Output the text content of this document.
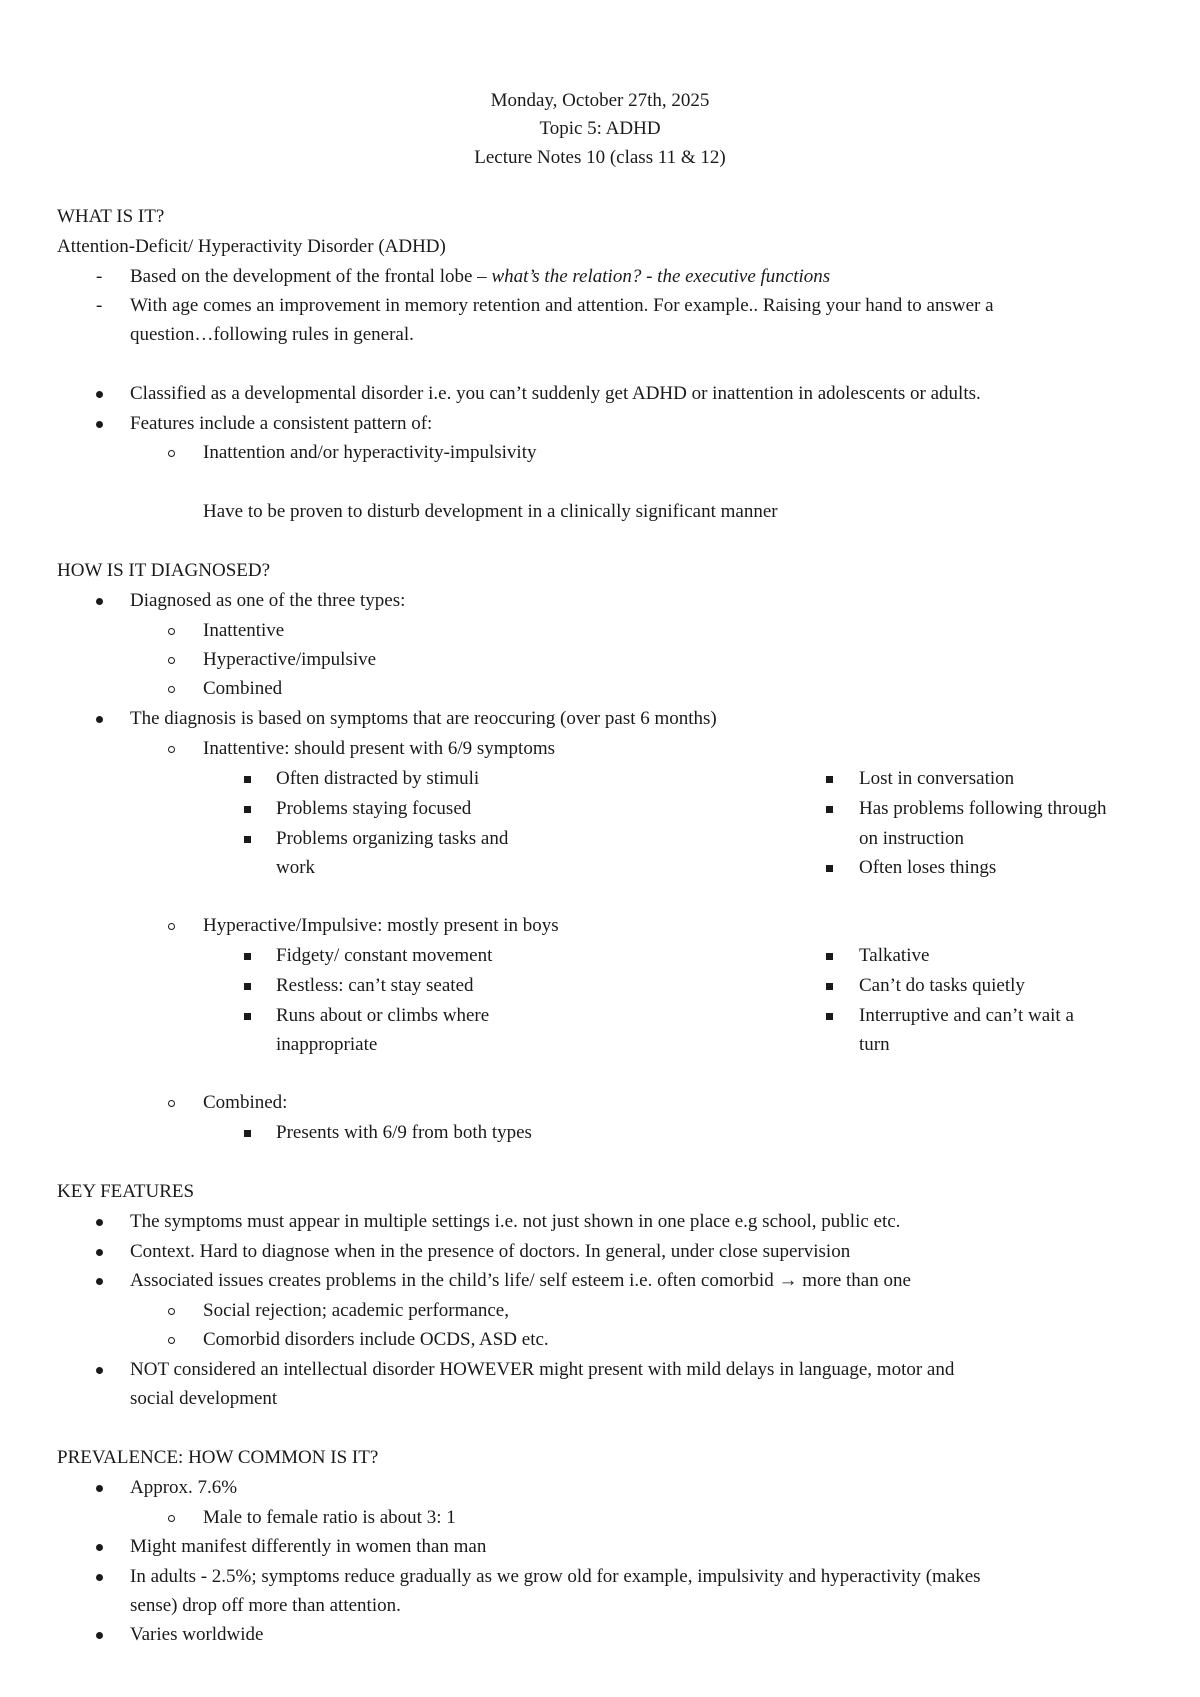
Monday, October 27th, 2025
Topic 5: ADHD
Lecture Notes 10 (class 11 & 12)
WHAT IS IT?
Attention-Deficit/ Hyperactivity Disorder (ADHD)
- Based on the development of the frontal lobe – what’s the relation? - the executive functions
- With age comes an improvement in memory retention and attention. For example.. Raising your hand to answer a
question…following rules in general.
Classified as a developmental disorder i.e. you can’t suddenly get ADHD or inattention in adolescents or adults.
Features include a consistent pattern of:
Inattention and/or hyperactivity-impulsivity
Have to be proven to disturb development in a clinically significant manner
HOW IS IT DIAGNOSED?
Diagnosed as one of the three types:
Inattentive
Hyperactive/impulsive
Combined
The diagnosis is based on symptoms that are reoccuring (over past 6 months)
Inattentive: should present with 6/9 symptoms
Often distracted by stimuli
Problems staying focused
Problems organizing tasks and
work
Lost in conversation
Has problems following through
on instruction
Often loses things
Hyperactive/Impulsive: mostly present in boys
Fidgety/ constant movement
Restless: can’t stay seated
Runs about or climbs where
inappropriate
Talkative
Can’t do tasks quietly
Interruptive and can’t wait a
turn
Combined:
Presents with 6/9 from both types
KEY FEATURES
The symptoms must appear in multiple settings i.e. not just shown in one place e.g school, public etc.
Context. Hard to diagnose when in the presence of doctors. In general, under close supervision
Associated issues creates problems in the child’s life/ self esteem i.e. often comorbid → more than one
Social rejection; academic performance,
Comorbid disorders include OCDS, ASD etc.
NOT considered an intellectual disorder HOWEVER might present with mild delays in language, motor and
social development
PREVALENCE: HOW COMMON IS IT?
Approx. 7.6%
Male to female ratio is about 3: 1
Might manifest differently in women than man
In adults - 2.5%; symptoms reduce gradually as we grow old for example, impulsivity and hyperactivity (makes
sense) drop off more than attention.
Varies worldwide
